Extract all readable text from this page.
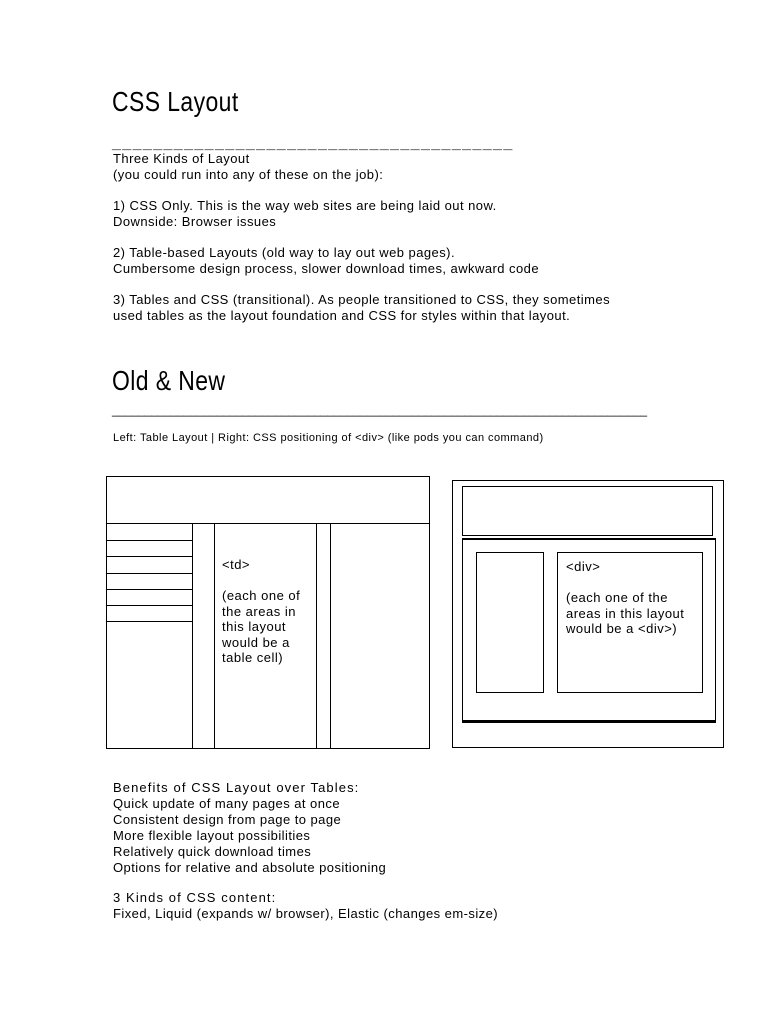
CSS Layout
_______________________________________
Three Kinds of Layout
(you could run into any of these on the job):
1) CSS Only. This is the way web sites are being laid out now.
Downside: Browser issues
2) Table-based Layouts (old way to lay out web pages).
Cumbersome design process, slower download times, awkward code
3) Tables and CSS (transitional). As people transitioned to CSS, they sometimes
used tables as the layout foundation and CSS for styles within that layout.
Old & New
__________________________________________________________________________________
Left: Table Layout | Right: CSS positioning of <div> (like pods you can command)
<td>
(each one of
the areas in
this layout
would be a
table cell)
<div>
(each one of the
areas in this layout
would be a <div>)
Benefits of CSS Layout over Tables:
Quick update of many pages at once
Consistent design from page to page
More flexible layout possibilities
Relatively quick download times
Options for relative and absolute positioning
3 Kinds of CSS content:
Fixed, Liquid (expands w/ browser), Elastic (changes em-size)
